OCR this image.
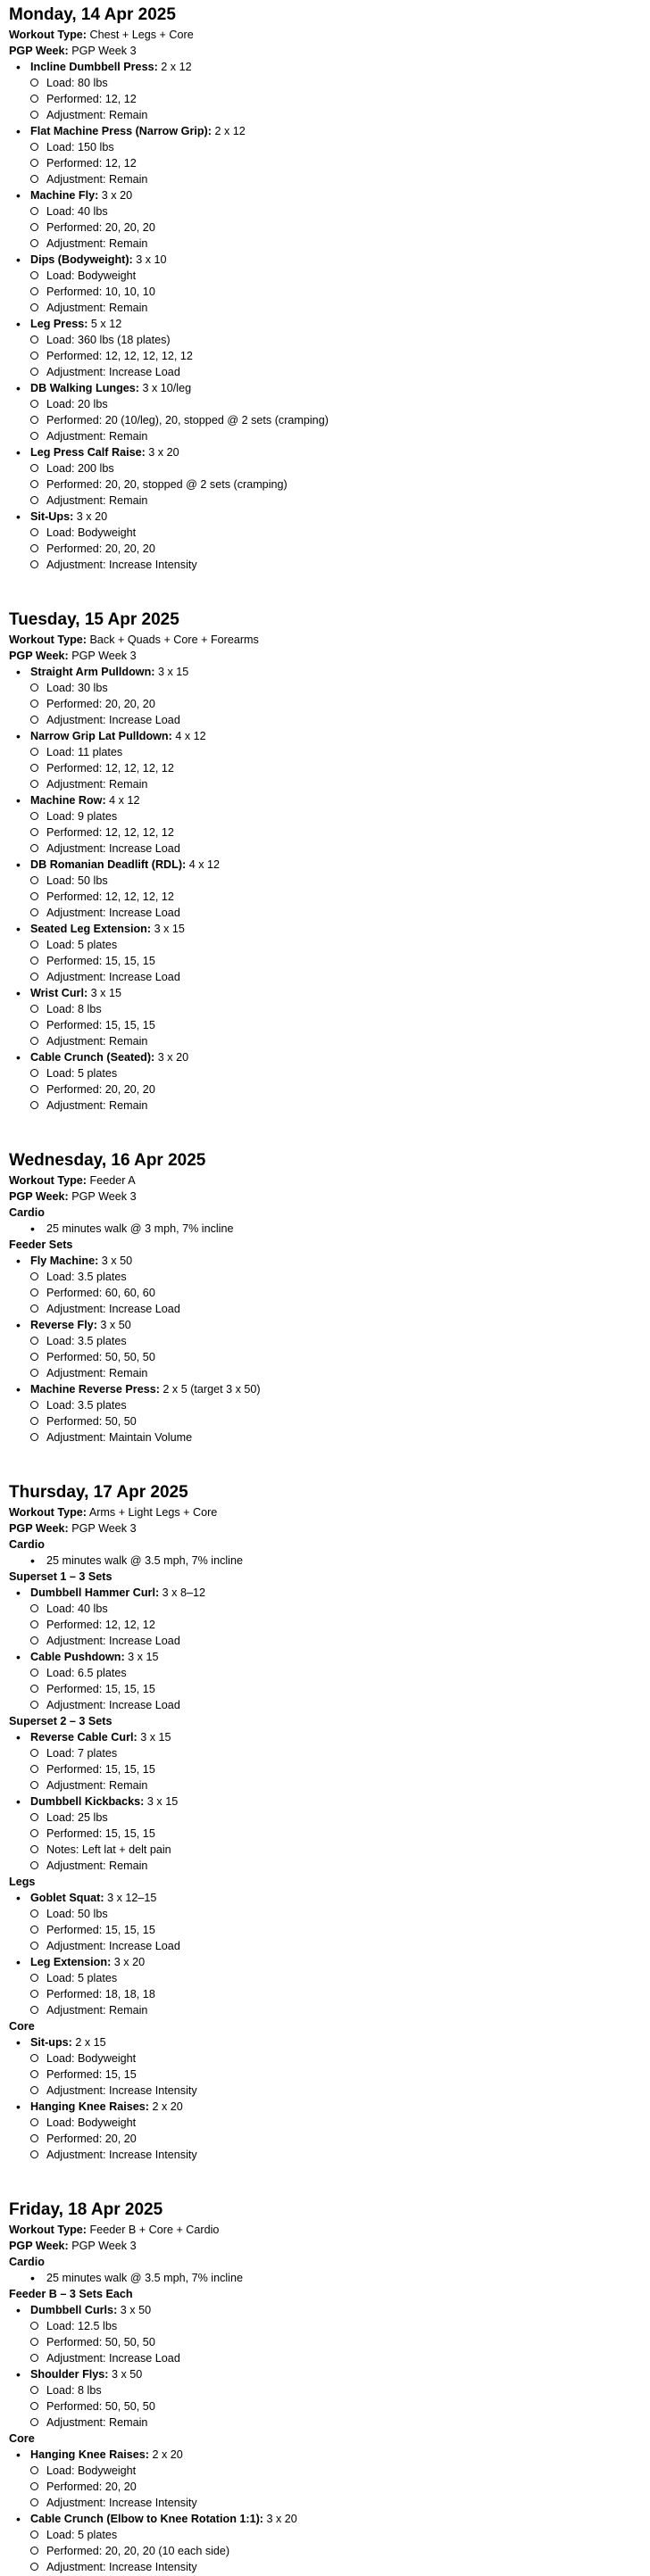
Monday, 14 Apr 2025

Workout Type: Chest + Legs + Core

PGP Week: PGP Week 3

• Incline Dumbbell Press: 2 x 12
Load: 80 lbs
Performed: 12, 12
Adjustment: Remain
• Flat Machine Press (Narrow Grip): 2 x 12
Load: 150 lbs
Performed: 12, 12
Adjustment: Remain
• Machine Fly: 3 x 20
Load: 40 lbs
Performed: 20, 20, 20
Adjustment: Remain
• Dips (Bodyweight): 3 x 10
Load: Bodyweight
Performed: 10, 10, 10
Adjustment: Remain
• Leg Press: 5 x 12
Load: 360 lbs (18 plates)
Performed: 12, 12, 12, 12, 12
Adjustment: Increase Load
• DB Walking Lunges: 3 x 10/leg
Load: 20 lbs
Performed: 20 (10/leg), 20, stopped @ 2 sets (cramping)
Adjustment: Remain
• Leg Press Calf Raise: 3 x 20
Load: 200 lbs
Performed: 20, 20, stopped @ 2 sets (cramping)
Adjustment: Remain
• Sit-Ups: 3 x 20
Load: Bodyweight
Performed: 20, 20, 20
Adjustment: Increase Intensity
Tuesday, 15 Apr 2025

Workout Type: Back + Quads + Core + Forearms

PGP Week: PGP Week 3

• Straight Arm Pulldown: 3 x 15
Load: 30 lbs
Performed: 20, 20, 20
Adjustment: Increase Load
• Narrow Grip Lat Pulldown: 4 x 12
Load: 11 plates
Performed: 12, 12, 12, 12
Adjustment: Remain
• Machine Row: 4 x 12
Load: 9 plates
Performed: 12, 12, 12, 12
Adjustment: Increase Load
• DB Romanian Deadlift (RDL): 4 x 12
Load: 50 lbs
Performed: 12, 12, 12, 12
Adjustment: Increase Load
• Seated Leg Extension: 3 x 15
Load: 5 plates
Performed: 15, 15, 15
Adjustment: Increase Load
• Wrist Curl: 3 x 15
Load: 8 lbs
Performed: 15, 15, 15
Adjustment: Remain
• Cable Crunch (Seated): 3 x 20
Load: 5 plates
Performed: 20, 20, 20
Adjustment: Remain
Wednesday, 16 Apr 2025

Workout Type: Feeder A

PGP Week: PGP Week 3

Cardio

• 25 minutes walk @ 3 mph, 7% incline

Feeder Sets

• Fly Machine: 3 x 50
Load: 3.5 plates
Performed: 60, 60, 60
Adjustment: Increase Load
• Reverse Fly: 3 x 50
Load: 3.5 plates
Performed: 50, 50, 50
Adjustment: Remain
• Machine Reverse Press: 2 x 5 (target 3 x 50)
Load: 3.5 plates
Performed: 50, 50
Adjustment: Maintain Volume
Thursday, 17 Apr 2025

Workout Type: Arms + Light Legs + Core

PGP Week: PGP Week 3

Cardio

• 25 minutes walk @ 3.5 mph, 7% incline

Superset 1 – 3 Sets

• Dumbbell Hammer Curl: 3 x 8–12
Load: 40 lbs
Performed: 12, 12, 12
Adjustment: Increase Load
• Cable Pushdown: 3 x 15
Load: 6.5 plates
Performed: 15, 15, 15
Adjustment: Increase Load

Superset 2 – 3 Sets

• Reverse Cable Curl: 3 x 15
Load: 7 plates
Performed: 15, 15, 15
Adjustment: Remain
• Dumbbell Kickbacks: 3 x 15
Load: 25 lbs
Performed: 15, 15, 15
Notes: Left lat + delt pain
Adjustment: Remain

Legs

• Goblet Squat: 3 x 12–15
Load: 50 lbs
Performed: 15, 15, 15
Adjustment: Increase Load
• Leg Extension: 3 x 20
Load: 5 plates
Performed: 18, 18, 18
Adjustment: Remain

Core

• Sit-ups: 2 x 15
Load: Bodyweight
Performed: 15, 15
Adjustment: Increase Intensity
• Hanging Knee Raises: 2 x 20
Load: Bodyweight
Performed: 20, 20
Adjustment: Increase Intensity
Friday, 18 Apr 2025

Workout Type: Feeder B + Core + Cardio

PGP Week: PGP Week 3

Cardio

• 25 minutes walk @ 3.5 mph, 7% incline

Feeder B – 3 Sets Each

• Dumbbell Curls: 3 x 50
Load: 12.5 lbs
Performed: 50, 50, 50
Adjustment: Increase Load
• Shoulder Flys: 3 x 50
Load: 8 lbs
Performed: 50, 50, 50
Adjustment: Remain

Core

• Hanging Knee Raises: 2 x 20
Load: Bodyweight
Performed: 20, 20
Adjustment: Increase Intensity
• Cable Crunch (Elbow to Knee Rotation 1:1): 3 x 20
Load: 5 plates
Performed: 20, 20, 20 (10 each side)
Adjustment: Increase Intensity
